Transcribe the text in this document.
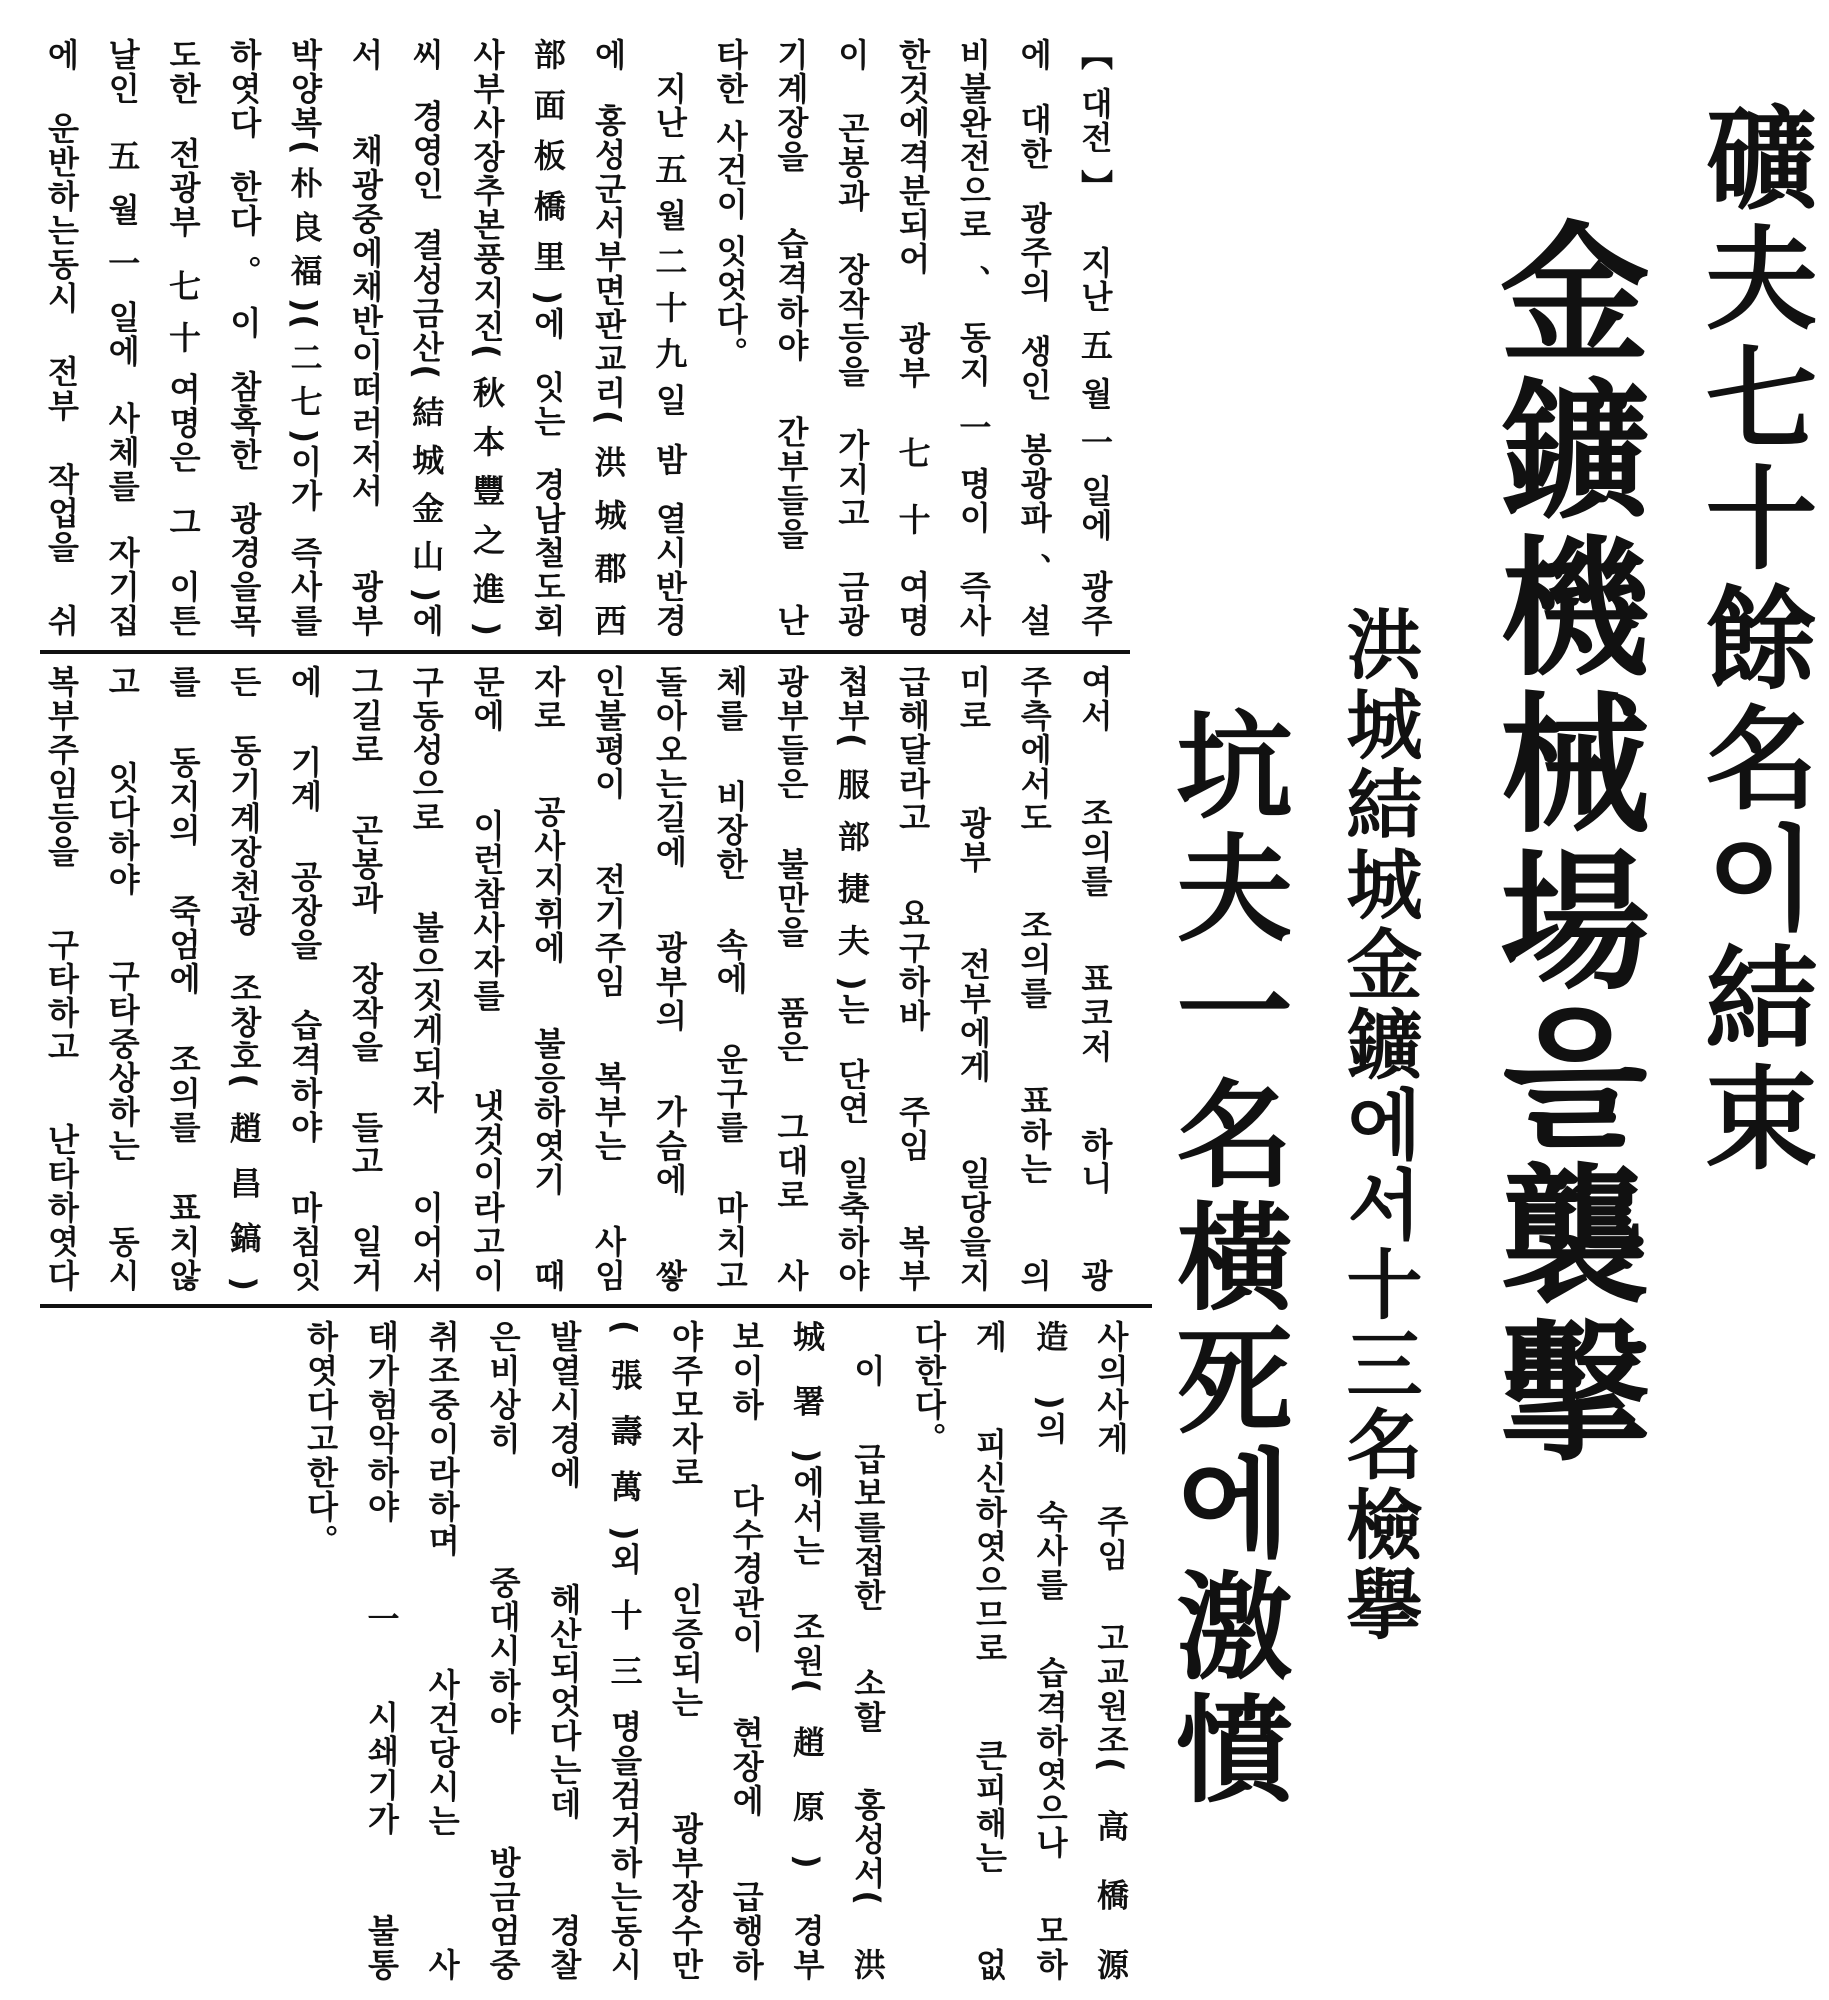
礦夫七十餘名이結束
金鑛機械場을襲擊
洪城結城金鑛에서十三名檢擧
坑夫一名橫死에激憤
【대전】 지난五월一일에 광주
에 대한 광주의 생인 봉광파、설
비불완전으로、동지一명이 즉사
한것에격분되어 광부 七十여명
이 곤봉과 장작등을 가지고 금광
기계장을 습격하야 간부들을 난
타한 사건이 잇엇다。
지난五월二十九일 밤 열시반경
에 홍성군서부면판교리(洪城郡西
部面板橋里)에 잇는 경남철도회
사부사장추본풍지진(秋本豐之進)
씨 경영인 결성금산(結城金山)에
서 채광중에채반이떠러저서 광부
박양복(朴良福)(二七)이가 즉사를
하엿다 한다。이 참혹한 광경을목
도한 전광부 七十여명은 그 이튼
날인 五월一일에 사체를 자기집
에 운반하는동시 전부 작업을 쉬
여서 조의를 표코저 하니 광
주측에서도 조의를 표하는 의
미로 광부 전부에게 일당을지
급해달라고 요구하바 주임 복부
첩부(服部捷夫)는 단연 일축하야
광부들은 불만을 품은 그대로 사
체를 비장한 속에 운구를 마치고
돌아오는길에 광부의 가슴에 쌓
인불평이 전기주임 복부는 사임
자로 공사지휘에 불응하엿기 때
문에 이런참사자를 냇것이라고이
구동성으로 불으짓게되자 이어서
그길로 곤봉과 장작을 들고 일거
에 기계 공장을 습격하야 마침잇
든 동기계장천광 조창호(趙昌鎬)
를 동지의 죽엄에 조의를 표치않
고 잇다하야 구타중상하는 동시
복부주임등을 구타하고 난타하엿다
사의사게 주임 고교원조(高橋源
造)의 숙사를 습격하엿으나 모하
게 피신하엿으므로 큰피해는 없
다한다。
이 급보를접한 소할 홍성서(洪
城署)에서는 조원(趙原) 경부
보이하 다수경관이 현장에 급행하
야주모자로 인증되는 광부장수만
(張壽萬)외十三명을검거하는동시
발열시경에 해산되엇다는데 경찰
은비상히 중대시하야 방금엄중
취조중이라하며 사건당시는 사
태가험악하야 一시쇄기가 불통
하엿다고한다。
